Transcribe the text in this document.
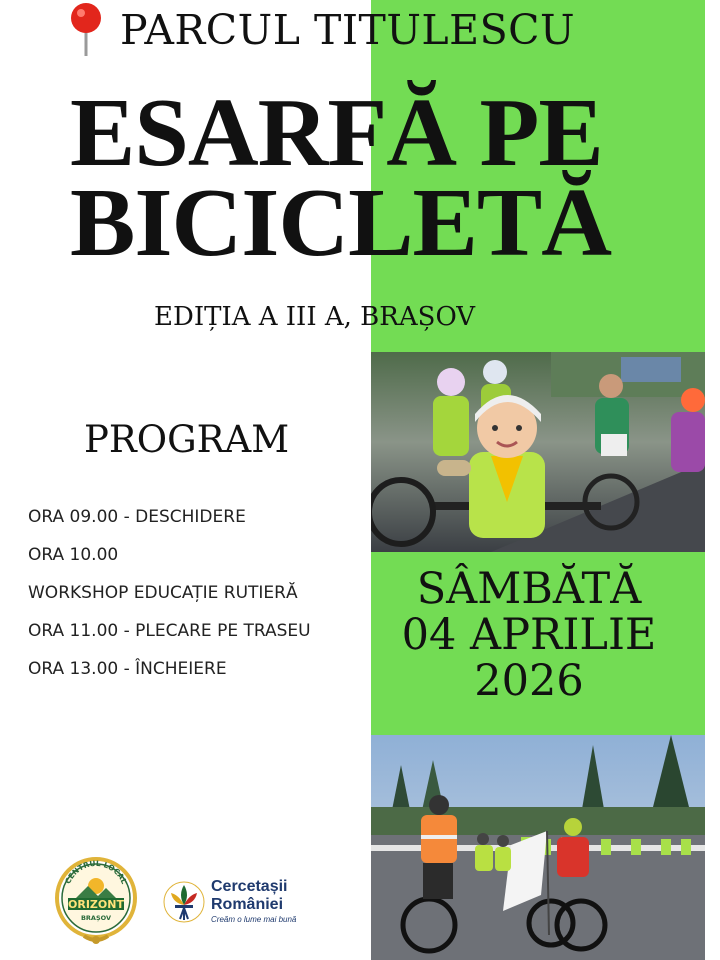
PARCUL TITULESCU
ESARFĂ PE
BICICLETĂ
EDIȚIA A III A, BRAȘOV
PROGRAM
ORA 09.00 - DESCHIDERE
ORA 10.00
WORKSHOP EDUCAȚIE RUTIERĂ
ORA 11.00 - PLECARE PE TRASEU
ORA 13.00 - ÎNCHEIERE
SÂMBĂTĂ
04 APRILIE
2026
CENTRUL LOCAL
ORIZONT
BRAȘOV
Cercetașii
României
Creăm o lume mai bună
